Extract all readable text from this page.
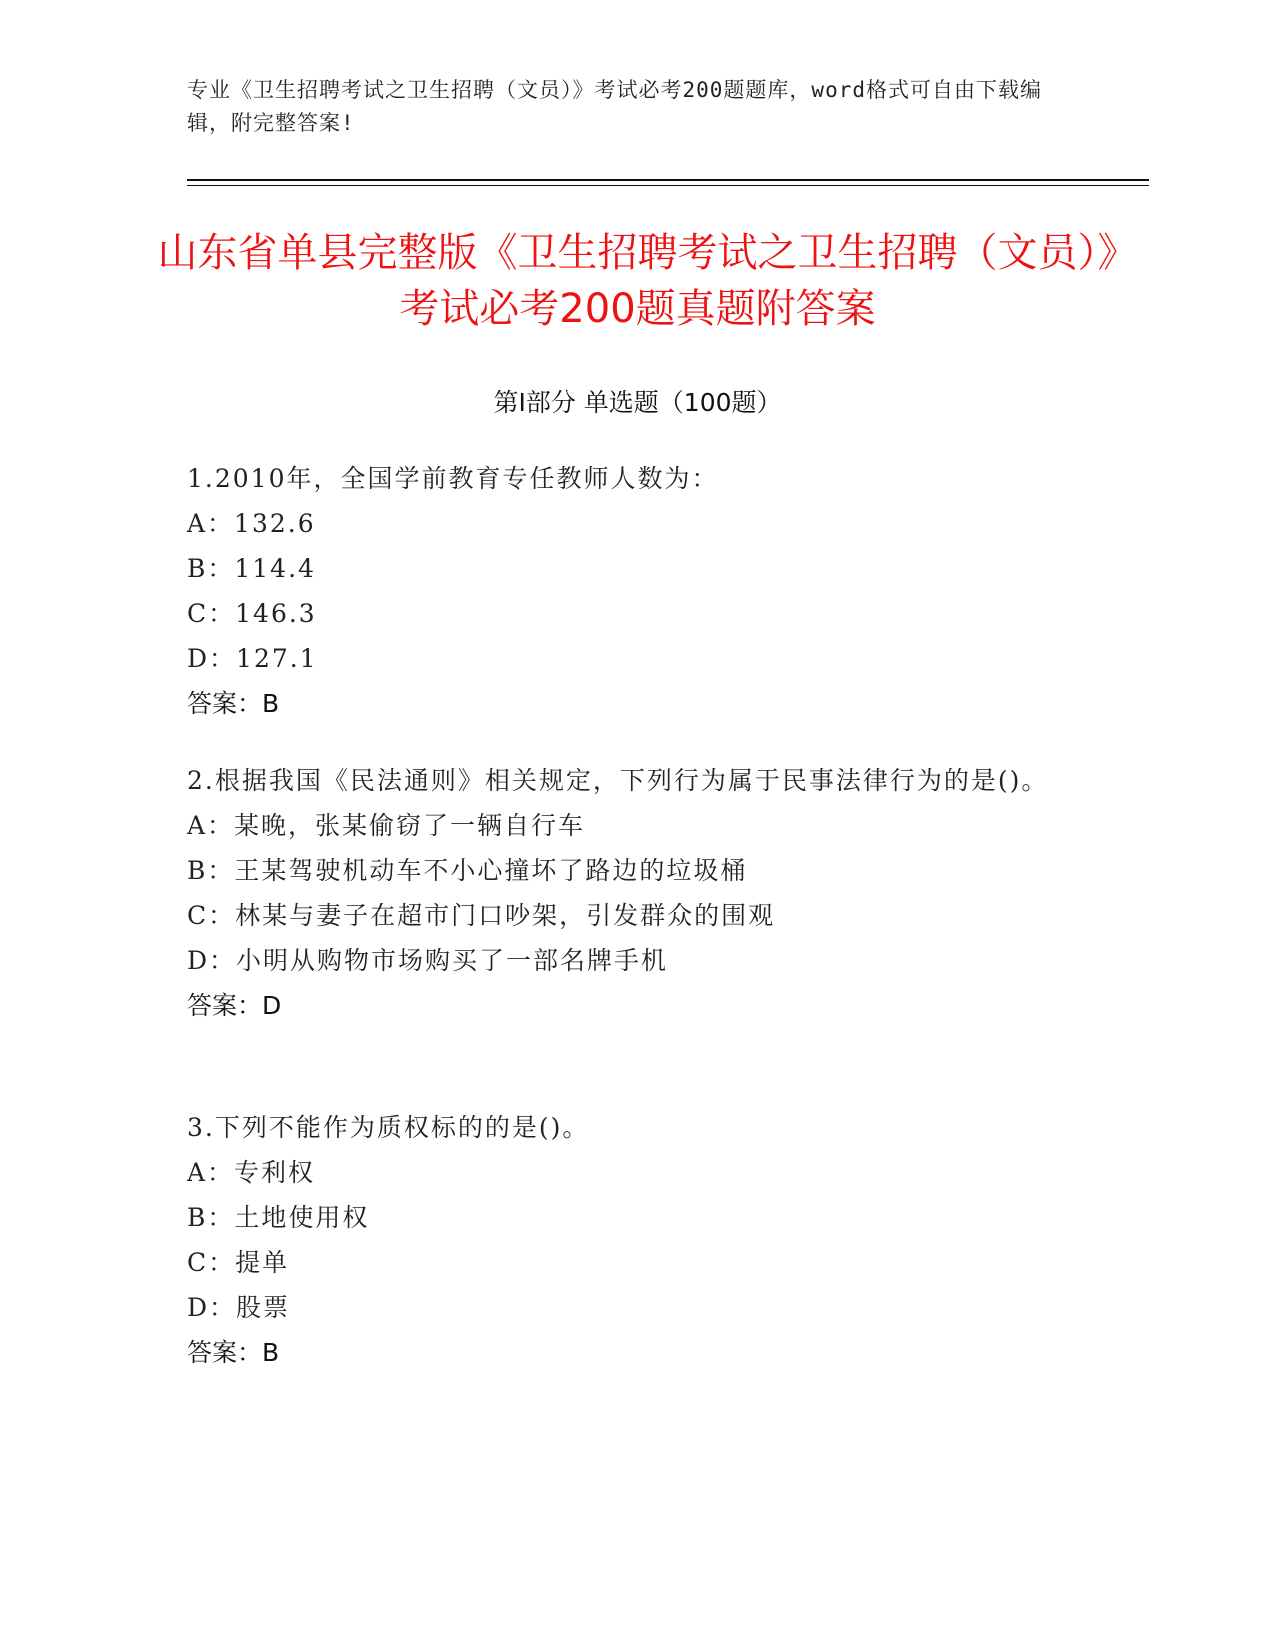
专业《卫生招聘考试之卫生招聘（文员）》考试必考200题题库，word格式可自由下载编辑，附完整答案!
山东省单县完整版《卫生招聘考试之卫生招聘（文员）》考试必考200题真题附答案
第Ⅰ部分 单选题（100题）
1.2010年，全国学前教育专任教师人数为：
A：132.6
B：114.4
C：146.3
D：127.1
答案：B
2.根据我国《民法通则》相关规定，下列行为属于民事法律行为的是()。
A：某晚，张某偷窃了一辆自行车
B：王某驾驶机动车不小心撞坏了路边的垃圾桶
C：林某与妻子在超市门口吵架，引发群众的围观
D：小明从购物市场购买了一部名牌手机
答案：D
3.下列不能作为质权标的的是()。
A：专利权
B：土地使用权
C：提单
D：股票
答案：B
